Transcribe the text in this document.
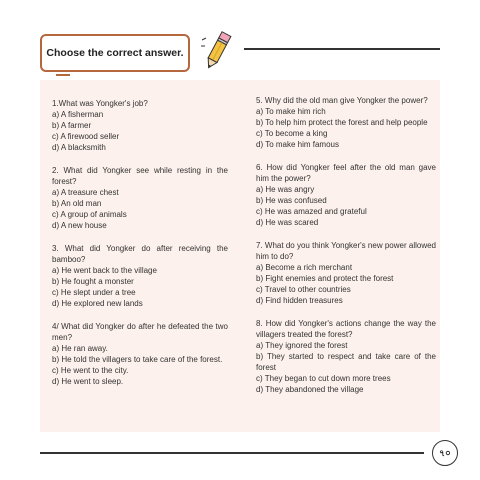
Choose the correct answer.
1.What was Yongker's job?
a) A fisherman
b) A farmer
c) A firewood seller
d) A blacksmith
2. What did Yongker see while resting in the forest?
a) A treasure chest
b) An old man
c) A group of animals
d) A new house
3. What did Yongker do after receiving the bamboo?
a) He went back to the village
b) He fought a monster
c) He slept under a tree
d) He explored new lands
4/ What did Yongker do after he defeated the two men?
a) He ran away.
b) He told the villagers to take care of the forest.
c) He went to the city.
d) He went to sleep.
5. Why did the old man give Yongker the power?
a) To make him rich
b) To help him protect the forest and help people
c) To become a king
d) To make him famous
6. How did Yongker feel after the old man gave him the power?
a) He was angry
b) He was confused
c) He was amazed and grateful
d) He was scared
7. What do you think Yongker's new power allowed him to do?
a) Become a rich merchant
b) Fight enemies and protect the forest
c) Travel to other countries
d) Find hidden treasures
8. How did Yongker's actions change the way the villagers treated the forest?
a) They ignored the forest
b) They started to respect and take care of the forest
c) They began to cut down more trees
d) They abandoned the village
৭০
